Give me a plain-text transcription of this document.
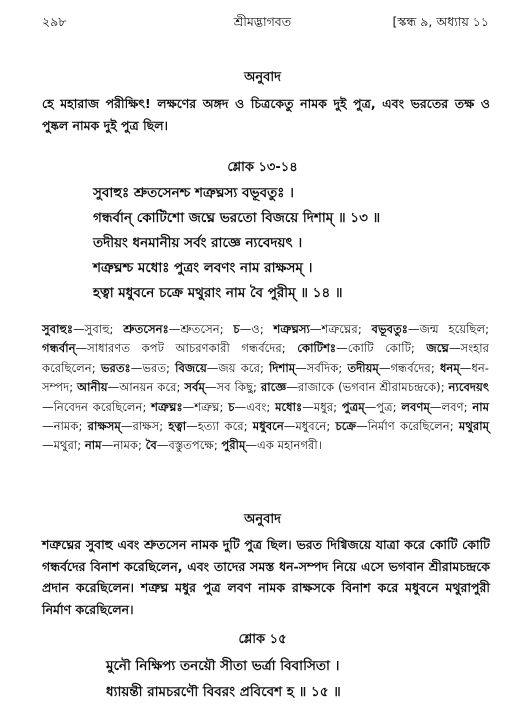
২৯৮	শ্রীমদ্ভাগবত	[স্কন্ধ ৯, অধ্যায় ১১
অনুবাদ
হে মহারাজ পরীক্ষিৎ! লক্ষণের অঙ্গদ ও চিত্রকেতু নামক দুই পুত্র, এবং ভরতের তক্ষ ও পুষ্কল নামক দুই পুত্র ছিল।
শ্লোক ১৩-১৪
সুবাহুঃ শ্রুতসেনশ্চ শত্রুঘ্নস্য বভূবতুঃ ।
গন্ধর্বান্ কোটিশো জঘ্নে ভরতো বিজয়ে দিশাম্ ॥ ১৩ ॥
তদীয়ং ধনমানীয় সর্বং রাজ্ঞে ন্যবেদয়ৎ ।
শত্রুঘ্নশ্চ মধোঃ পুত্রং লবণং নাম রাক্ষসম্ ।
হত্বা মধুবনে চক্রে মথুরাং নাম বৈ পুরীম্ ॥ ১৪ ॥
সুবাহুঃ—সুবাহু; শ্রুতসেনঃ—শ্রুতসেন; চ—ও; শত্রুঘ্নস্য—শত্রুঘ্নের; বভূবতুঃ—জন্ম হয়েছিল; গন্ধর্বান্—সাধারণত কপট আচরণকারী গন্ধর্বদের; কোটিশঃ—কোটি কোটি; জঘ্নে—সংহার করেছিলেন; ভরতঃ—ভরত; বিজয়ে—জয় করে; দিশাম্—সর্বদিক; তদীয়ম্—গন্ধর্বদের; ধনম্—ধন-সম্পদ; আনীয়—আনয়ন করে; সর্বম্—সব কিছু; রাজ্ঞে—রাজাকে (ভগবান শ্রীরামচন্দ্রকে); ন্যবেদয়ৎ—নিবেদন করেছিলেন; শত্রুঘ্নঃ—শত্রুঘ্ন; চ—এবং; মধোঃ—মধুর; পুত্রম্—পুত্র; লবণম্—লবণ; নাম—নামক; রাক্ষসম্—রাক্ষস; হত্বা—হত্যা করে; মধুবনে—মধুবনে; চক্রে—নির্মাণ করেছিলেন; মথুরাম্—মথুরা; নাম—নামক; বৈ—বস্তুতপক্ষে; পুরীম্—এক মহানগরী।
অনুবাদ
শত্রুঘ্নের সুবাহু এবং শ্রুতসেন নামক দুটি পুত্র ছিল। ভরত দিগ্বিজয়ে যাত্রা করে কোটি কোটি গন্ধর্বদের বিনাশ করেছিলেন, এবং তাদের সমস্ত ধন-সম্পদ নিয়ে এসে ভগবান শ্রীরামচন্দ্রকে প্রদান করেছিলেন। শত্রুঘ্ন মধুর পুত্র লবণ নামক রাক্ষসকে বিনাশ করে মধুবনে মথুরাপুরী নির্মাণ করেছিলেন।
শ্লোক ১৫
মুনৌ নিক্ষিপ্য তনয়ৌ সীতা ভর্ত্রা বিবাসিতা ।
ধ্যায়ন্তী রামচরণৌ বিবরং প্রবিবেশ হ ॥ ১৫ ॥
